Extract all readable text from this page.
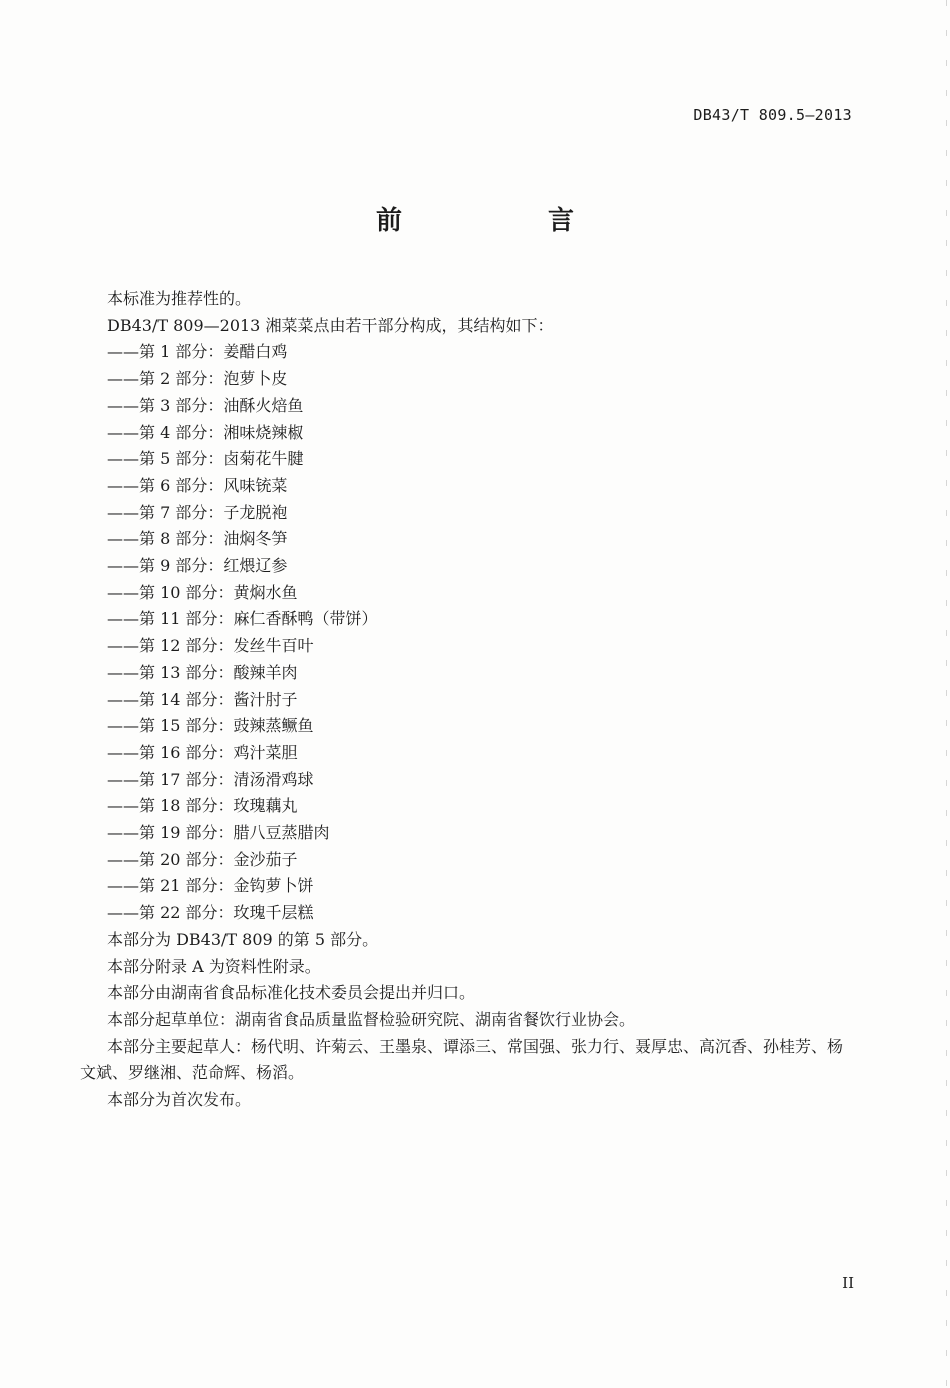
DB43/T 809.5—2013
前　言

本标准为推荐性的。

DB43/T 809—2013 湘菜菜点由若干部分构成，其结构如下：

——第 1 部分：姜醋白鸡
——第 2 部分：泡萝卜皮
——第 3 部分：油酥火焙鱼
——第 4 部分：湘味烧辣椒
——第 5 部分：卤菊花牛腱
——第 6 部分：风味铳菜
——第 7 部分：子龙脱袍
——第 8 部分：油焖冬笋
——第 9 部分：红煨辽参
——第 10 部分：黄焖水鱼
——第 11 部分：麻仁香酥鸭（带饼）
——第 12 部分：发丝牛百叶
——第 13 部分：酸辣羊肉
——第 14 部分：酱汁肘子
——第 15 部分：豉辣蒸鳜鱼
——第 16 部分：鸡汁菜胆
——第 17 部分：清汤滑鸡球
——第 18 部分：玫瑰藕丸
——第 19 部分：腊八豆蒸腊肉
——第 20 部分：金沙茄子
——第 21 部分：金钩萝卜饼
——第 22 部分：玫瑰千层糕

本部分为 DB43/T 809 的第 5 部分。

本部分附录 A 为资料性附录。

本部分由湖南省食品标准化技术委员会提出并归口。

本部分起草单位：湖南省食品质量监督检验研究院、湖南省餐饮行业协会。

本部分主要起草人：杨代明、许菊云、王墨泉、谭添三、常国强、张力行、聂厚忠、高沉香、孙桂芳、杨文斌、罗继湘、范命辉、杨滔。

本部分为首次发布。

II
